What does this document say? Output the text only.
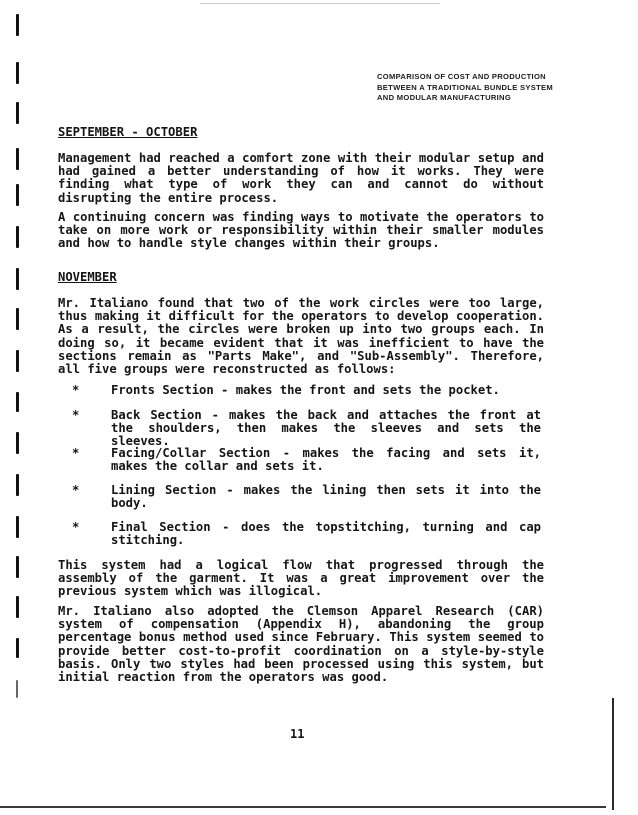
COMPARISON OF COST AND PRODUCTION
BETWEEN A TRADITIONAL BUNDLE SYSTEM
AND MODULAR MANUFACTURING
SEPTEMBER - OCTOBER
Management had reached a comfort zone with their modular setup and had gained a better understanding of how it works. They were finding what type of work they can and cannot do without disrupting the entire process.
A continuing concern was finding ways to motivate the operators to take on more work or responsibility within their smaller modules and how to handle style changes within their groups.
NOVEMBER
Mr. Italiano found that two of the work circles were too large, thus making it difficult for the operators to develop cooperation. As a result, the circles were broken up into two groups each. In doing so, it became evident that it was inefficient to have the sections remain as "Parts Make", and "Sub-Assembly". Therefore, all five groups were reconstructed as follows:
*	Fronts Section - makes the front and sets the pocket.
*	Back Section - makes the back and attaches the front at the shoulders, then makes the sleeves and sets the sleeves.
*	Facing/Collar Section - makes the facing and sets it, makes the collar and sets it.
*	Lining Section - makes the lining then sets it into the body.
*	Final Section - does the topstitching, turning and cap stitching.
This system had a logical flow that progressed through the assembly of the garment. It was a great improvement over the previous system which was illogical.
Mr. Italiano also adopted the Clemson Apparel Research (CAR) system of compensation (Appendix H), abandoning the group percentage bonus method used since February. This system seemed to provide better cost-to-profit coordination on a style-by-style basis. Only two styles had been processed using this system, but initial reaction from the operators was good.
11
